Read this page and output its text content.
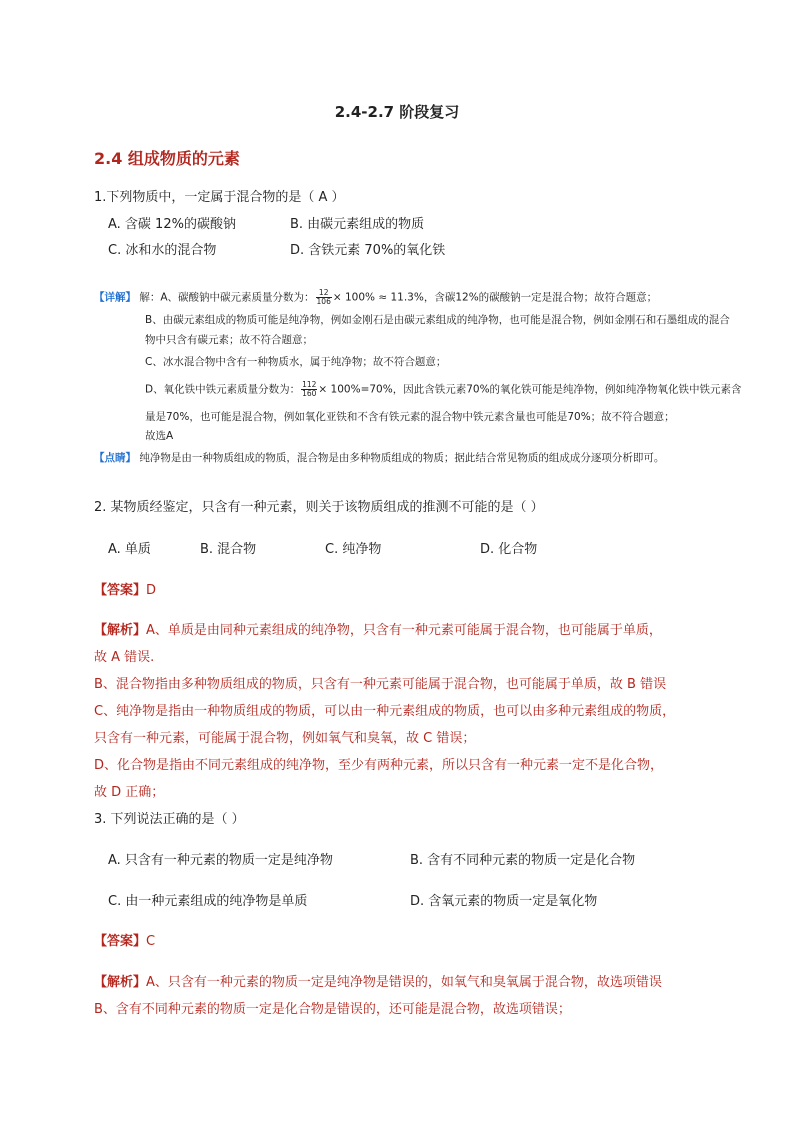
2.4-2.7 阶段复习
2.4 组成物质的元素
1.下列物质中，一定属于混合物的是（ A ）
A. 含碳 12%的碳酸钠	B. 由碳元素组成的物质
C. 冰和水的混合物	D. 含铁元素 70%的氧化铁
【详解】 解：A、碳酸钠中碳元素质量分数为： $\frac{12}{106} \times 100\% \approx 11.3\%$，含碳12%的碳酸钠一定是混合物；故符合题意；
B、由碳元素组成的物质可能是纯净物，例如金刚石是由碳元素组成的纯净物，也可能是混合物，例如金刚石和石墨组成的混合
物中只含有碳元素；故不符合题意；
C、冰水混合物中含有一种物质水，属于纯净物；故不符合题意；
D、氧化铁中铁元素质量分数为： $\frac{112}{160} \times 100\%=70\%$，因此含铁元素70%的氧化铁可能是纯净物，例如纯净物氧化铁中铁元素含
量是70%，也可能是混合物，例如氧化亚铁和不含有铁元素的混合物中铁元素含量也可能是70%；故不符合题意；
故选A
【点睛】 纯净物是由一种物质组成的物质，混合物是由多种物质组成的物质；据此结合常见物质的组成成分逐项分析即可。
2. 某物质经鉴定，只含有一种元素，则关于该物质组成的推测不可能的是（ ）
A. 单质	B. 混合物	C. 纯净物	D. 化合物
【答案】D
【解析】A、单质是由同种元素组成的纯净物，只含有一种元素可能属于混合物，也可能属于单质，
故 A 错误.
B、混合物指由多种物质组成的物质，只含有一种元素可能属于混合物，也可能属于单质，故 B 错误
C、纯净物是指由一种物质组成的物质，可以由一种元素组成的物质，也可以由多种元素组成的物质，
只含有一种元素，可能属于混合物，例如氧气和臭氧，故 C 错误；
D、化合物是指由不同元素组成的纯净物，至少有两种元素，所以只含有一种元素一定不是化合物，
故 D 正确；
3. 下列说法正确的是（ ）
A. 只含有一种元素的物质一定是纯净物	B. 含有不同种元素的物质一定是化合物
C. 由一种元素组成的纯净物是单质	D. 含氧元素的物质一定是氧化物
【答案】C
【解析】A、只含有一种元素的物质一定是纯净物是错误的，如氧气和臭氧属于混合物，故选项错误
B、含有不同种元素的物质一定是化合物是错误的，还可能是混合物，故选项错误；
